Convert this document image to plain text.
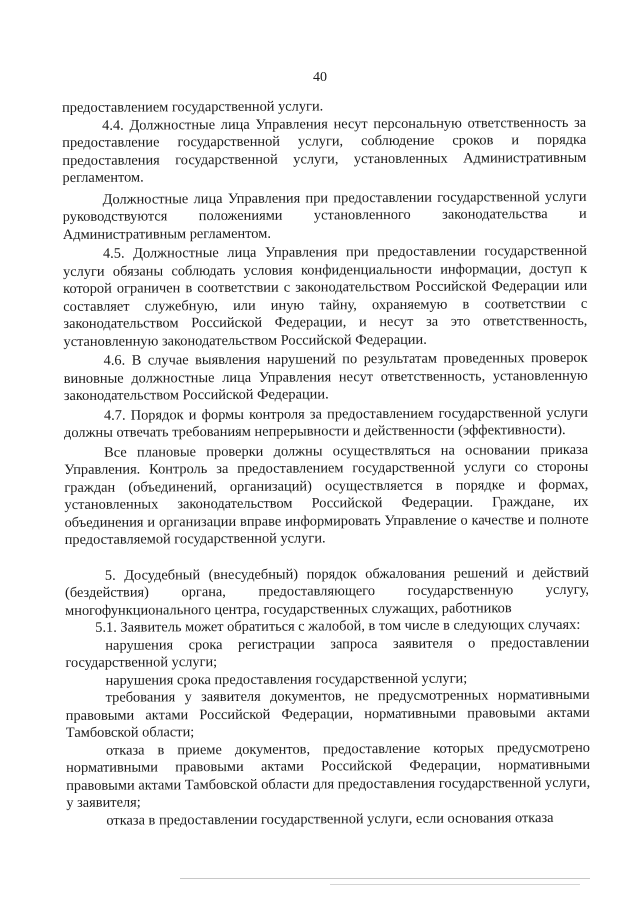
40

предоставлением государственной услуги.

4.4. Должностные лица Управления несут персональную ответственность за предоставление государственной услуги, соблюдение сроков и порядка предоставления государственной услуги, установленных Административным регламентом.

Должностные лица Управления при предоставлении государственной услуги руководствуются положениями установленного законодательства и Административным регламентом.

4.5. Должностные лица Управления при предоставлении государственной услуги обязаны соблюдать условия конфиденциальности информации, доступ к которой ограничен в соответствии с законодательством Российской Федерации или составляет служебную, или иную тайну, охраняемую в соответствии с законодательством Российской Федерации, и несут за это ответственность, установленную законодательством Российской Федерации.

4.6. В случае выявления нарушений по результатам проведенных проверок виновные должностные лица Управления несут ответственность, установленную законодательством Российской Федерации.

4.7. Порядок и формы контроля за предоставлением государственной услуги должны отвечать требованиям непрерывности и действенности (эффективности).

Все плановые проверки должны осуществляться на основании приказа Управления. Контроль за предоставлением государственной услуги со стороны граждан (объединений, организаций) осуществляется в порядке и формах, установленных законодательством Российской Федерации. Граждане, их объединения и организации вправе информировать Управление о качестве и полноте предоставляемой государственной услуги.

5. Досудебный (внесудебный) порядок обжалования решений и действий (бездействия) органа, предоставляющего государственную услугу, многофункционального центра, государственных служащих, работников

5.1. Заявитель может обратиться с жалобой, в том числе в следующих случаях:

нарушения срока регистрации запроса заявителя о предоставлении государственной услуги;

нарушения срока предоставления государственной услуги;

требования у заявителя документов, не предусмотренных нормативными правовыми актами Российской Федерации, нормативными правовыми актами Тамбовской области;

отказа в приеме документов, предоставление которых предусмотрено нормативными правовыми актами Российской Федерации, нормативными правовыми актами Тамбовской области для предоставления государственной услуги, у заявителя;

отказа в предоставлении государственной услуги, если основания отказа
